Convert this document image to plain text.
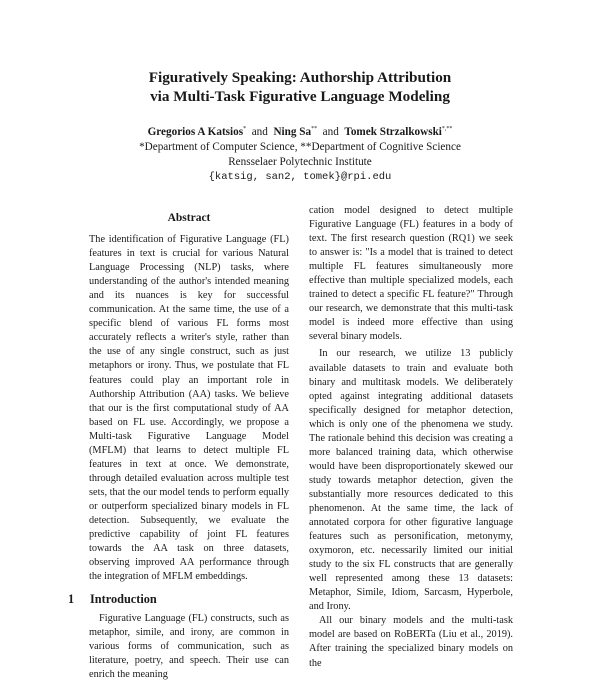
Figuratively Speaking: Authorship Attribution
via Multi-Task Figurative Language Modeling
Gregorios A Katsios* and Ning Sa** and Tomek Strzalkowski*,**
*Department of Computer Science, **Department of Cognitive Science
Rensselaer Polytechnic Institute
{katsig, san2, tomek}@rpi.edu
Abstract

The identification of Figurative Language (FL) features in text is crucial for various Natural Language Processing (NLP) tasks, where understanding of the author's intended meaning and its nuances is key for successful communication. At the same time, the use of a specific blend of various FL forms most accurately reflects a writer's style, rather than the use of any single construct, such as just metaphors or irony. Thus, we postulate that FL features could play an important role in Authorship Attribution (AA) tasks. We believe that our is the first computational study of AA based on FL use. Accordingly, we propose a Multi-task Figurative Language Model (MFLM) that learns to detect multiple FL features in text at once. We demonstrate, through detailed evaluation across multiple test sets, that the our model tends to perform equally or outperform specialized binary models in FL detection. Subsequently, we evaluate the predictive capability of joint FL features towards the AA task on three datasets, observing improved AA performance through the integration of MFLM embeddings.

1 Introduction

Figurative Language (FL) constructs, such as metaphor, simile, and irony, are common in various forms of communication, such as literature, poetry, and speech. Their use can enrich the meaning

cation model designed to detect multiple Figurative Language (FL) features in a body of text. The first research question (RQ1) we seek to answer is: "Is a model that is trained to detect multiple FL features simultaneously more effective than multiple specialized models, each trained to detect a specific FL feature?" Through our research, we demonstrate that this multi-task model is indeed more effective than using several binary models.

In our research, we utilize 13 publicly available datasets to train and evaluate both binary and multitask models. We deliberately opted against integrating additional datasets specifically designed for metaphor detection, which is only one of the phenomena we study. The rationale behind this decision was creating a more balanced training data, which otherwise would have been disproportionately skewed our study towards metaphor detection, given the substantially more resources dedicated to this phenomenon. At the same time, the lack of annotated corpora for other figurative language features such as personification, metonymy, oxymoron, etc. necessarily limited our initial study to the six FL constructs that are generally well represented among these 13 datasets: Metaphor, Simile, Idiom, Sarcasm, Hyperbole, and Irony.

All our binary models and the multi-task model are based on RoBERTa (Liu et al., 2019). After training the specialized binary models on the
